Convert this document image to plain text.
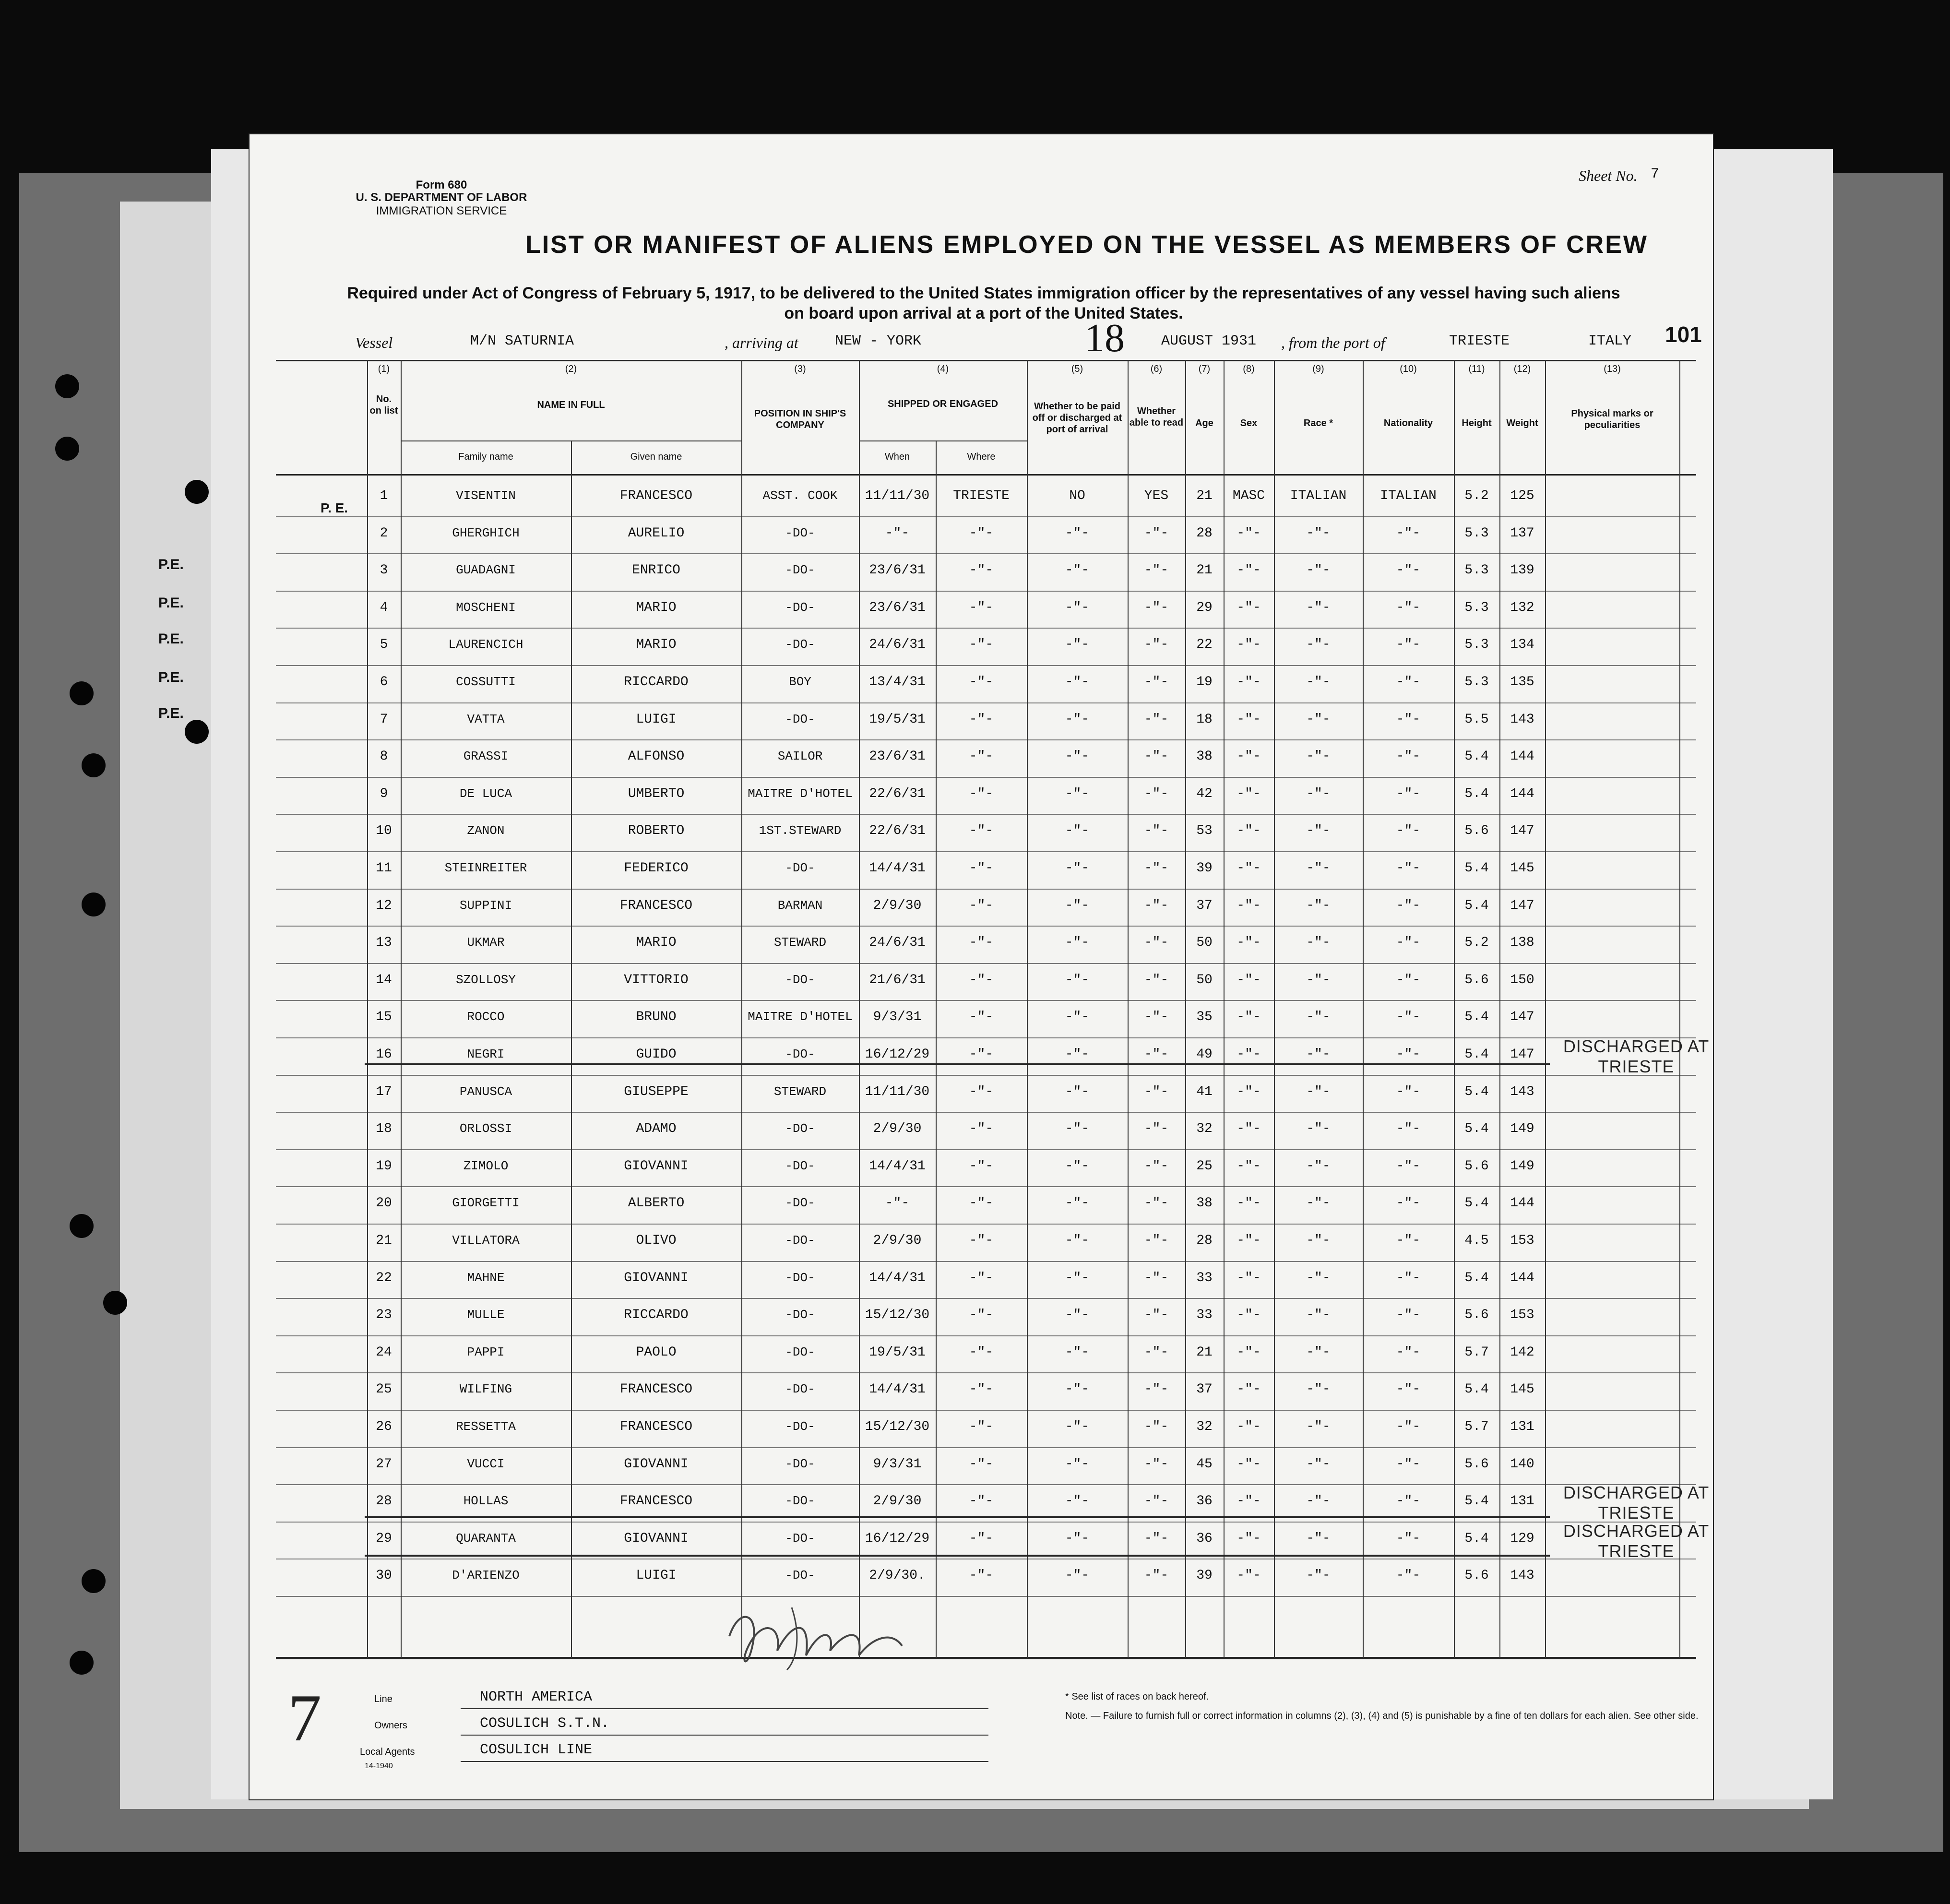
P.E.
P.E.
P.E.
P.E.
P.E.
Form 680
U. S. DEPARTMENT OF LABOR
IMMIGRATION SERVICE
Sheet No. 7
LIST OR MANIFEST OF ALIENS EMPLOYED ON THE VESSEL AS MEMBERS OF CREW
Required under Act of Congress of February 5, 1917, to be delivered to the United States immigration officer by the representatives of any vessel having such aliens
on board upon arrival at a port of the United States.
Vessel	M/N SATURNIA	, arriving at	NEW - YORK	18	AUGUST 1931 , from the port of	TRIESTE	ITALY 101
(1)	(2)	(3)	(4)	(5)	(6)	(7)	(8)	(9)	(10)	(11)	(12)	(13)
No. on list
NAME IN FULL
Family name	Given name
POSITION IN SHIP'S COMPANY
SHIPPED OR ENGAGED
When	Where
Whether to be paid off or discharged at port of arrival
Whether able to read	Age	Sex	Race *	Nationality	Height	Weight
Physical marks or peculiarities
1	VISENTIN	FRANCESCO	ASST. COOK	11/11/30	TRIESTE	NO	YES	21	MASC	ITALIAN	ITALIAN	5.2	125
2	GHERGHICH	AURELIO	-DO-	-"-	-"-	-"-	-"-	28	-"-	-"-	-"-	5.3	137
3	GUADAGNI	ENRICO	-DO-	23/6/31	-"-	-"-	-"-	21	-"-	-"-	-"-	5.3	139
4	MOSCHENI	MARIO	-DO-	23/6/31	-"-	-"-	-"-	29	-"-	-"-	-"-	5.3	132
5	LAURENCICH	MARIO	-DO-	24/6/31	-"-	-"-	-"-	22	-"-	-"-	-"-	5.3	134
6	COSSUTTI	RICCARDO	BOY	13/4/31	-"-	-"-	-"-	19	-"-	-"-	-"-	5.3	135
7	VATTA	LUIGI	-DO-	19/5/31	-"-	-"-	-"-	18	-"-	-"-	-"-	5.5	143
8	GRASSI	ALFONSO	SAILOR	23/6/31	-"-	-"-	-"-	38	-"-	-"-	-"-	5.4	144
9	DE LUCA	UMBERTO	MAITRE D'HOTEL	22/6/31	-"-	-"-	-"-	42	-"-	-"-	-"-	5.4	144
10	ZANON	ROBERTO	1ST.STEWARD	22/6/31	-"-	-"-	-"-	53	-"-	-"-	-"-	5.6	147
11	STEINREITER	FEDERICO	-DO-	14/4/31	-"-	-"-	-"-	39	-"-	-"-	-"-	5.4	145
12	SUPPINI	FRANCESCO	BARMAN	2/9/30	-"-	-"-	-"-	37	-"-	-"-	-"-	5.4	147
13	UKMAR	MARIO	STEWARD	24/6/31	-"-	-"-	-"-	50	-"-	-"-	-"-	5.2	138
14	SZOLLOSY	VITTORIO	-DO-	21/6/31	-"-	-"-	-"-	50	-"-	-"-	-"-	5.6	150
15	ROCCO	BRUNO	MAITRE D'HOTEL	9/3/31	-"-	-"-	-"-	35	-"-	-"-	-"-	5.4	147
16	NEGRI	GUIDO	-DO-	16/12/29	-"-	-"-	-"-	49	-"-	-"-	-"-	5.4	147
17	PANUSCA	GIUSEPPE	STEWARD	11/11/30	-"-	-"-	-"-	41	-"-	-"-	-"-	5.4	143
18	ORLOSSI	ADAMO	-DO-	2/9/30	-"-	-"-	-"-	32	-"-	-"-	-"-	5.4	149
19	ZIMOLO	GIOVANNI	-DO-	14/4/31	-"-	-"-	-"-	25	-"-	-"-	-"-	5.6	149
20	GIORGETTI	ALBERTO	-DO-	-"-	-"-	-"-	-"-	38	-"-	-"-	-"-	5.4	144
21	VILLATORA	OLIVO	-DO-	2/9/30	-"-	-"-	-"-	28	-"-	-"-	-"-	4.5	153
22	MAHNE	GIOVANNI	-DO-	14/4/31	-"-	-"-	-"-	33	-"-	-"-	-"-	5.4	144
23	MULLE	RICCARDO	-DO-	15/12/30	-"-	-"-	-"-	33	-"-	-"-	-"-	5.6	153
24	PAPPI	PAOLO	-DO-	19/5/31	-"-	-"-	-"-	21	-"-	-"-	-"-	5.7	142
25	WILFING	FRANCESCO	-DO-	14/4/31	-"-	-"-	-"-	37	-"-	-"-	-"-	5.4	145
26	RESSETTA	FRANCESCO	-DO-	15/12/30	-"-	-"-	-"-	32	-"-	-"-	-"-	5.7	131
27	VUCCI	GIOVANNI	-DO-	9/3/31	-"-	-"-	-"-	45	-"-	-"-	-"-	5.6	140
28	HOLLAS	FRANCESCO	-DO-	2/9/30	-"-	-"-	-"-	36	-"-	-"-	-"-	5.4	131
29	QUARANTA	GIOVANNI	-DO-	16/12/29	-"-	-"-	-"-	36	-"-	-"-	-"-	5.4	129
30	D'ARIENZO	LUIGI	-DO-	2/9/30.	-"-	-"-	-"-	39	-"-	-"-	-"-	5.6	143
DISCHARGED AT
TRIESTE
DISCHARGED AT
TRIESTE
DISCHARGED AT
TRIESTE
Line	NORTH AMERICA
Owners	COSULICH S.T.N.
Local Agents	COSULICH LINE
14-1940
* See list of races on back hereof.
Note. — Failure to furnish full or correct information in columns (2), (3), (4) and (5) is punishable by a fine of ten dollars for each alien. See other side.
7
P. E.
